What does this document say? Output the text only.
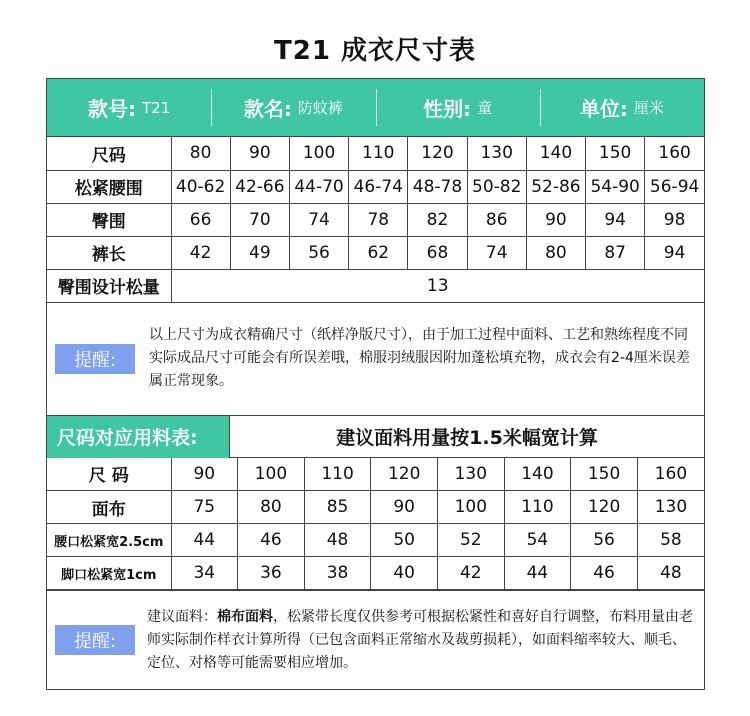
T21 成衣尺寸表
款号: T21	款名: 防蚊裤	性别: 童	单位: 厘米
尺码	80	90	100	110	120	130	140	150	160
松紧腰围	40-62	42-66	44-70	46-74	48-78	50-82	52-86	54-90	56-94
臀围	66	70	74	78	82	86	90	94	98
裤长	42	49	56	62	68	74	80	87	94
臀围设计松量	13								
提醒:
以上尺寸为成衣精确尺寸（纸样净版尺寸），由于加工过程中面料、工艺和熟练程度不同实际成品尺寸可能会有所误差哦，棉服羽绒服因附加蓬松填充物，成衣会有2-4厘米误差属正常现象。
尺码对应用料表:	建议面料用量按1.5米幅宽计算
尺 码	90	100	110	120	130	140	150	160
面布	75	80	85	90	100	110	120	130
腰口松紧宽2.5cm	44	46	48	50	52	54	56	58
脚口松紧宽1cm	34	36	38	40	42	44	46	48
提醒:
建议面料：棉布面料，松紧带长度仅供参考可根据松紧性和喜好自行调整，布料用量由老师实际制作样衣计算所得（已包含面料正常缩水及裁剪损耗），如面料缩率较大、顺毛、定位、对格等可能需要相应增加。
